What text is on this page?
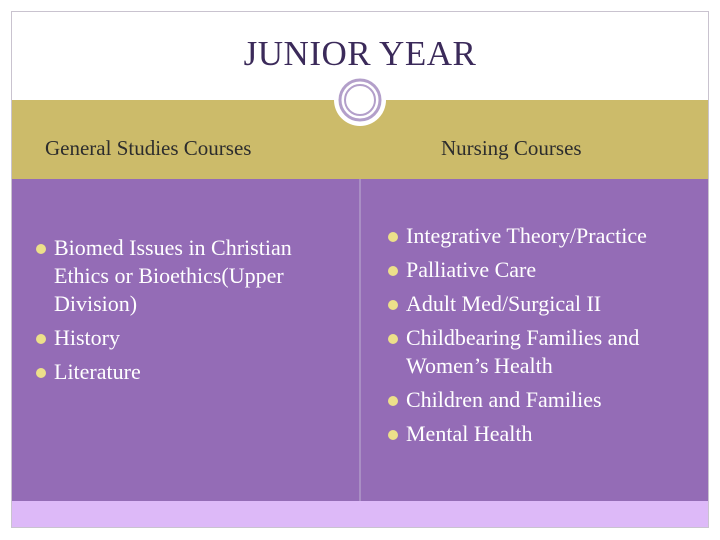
JUNIOR YEAR
General Studies Courses	Nursing Courses
Biomed Issues in Christian Ethics or Bioethics(Upper Division)
History
Literature
Integrative Theory/Practice
Palliative Care
Adult Med/Surgical II
Childbearing Families and Women’s Health
Children and Families
Mental Health
